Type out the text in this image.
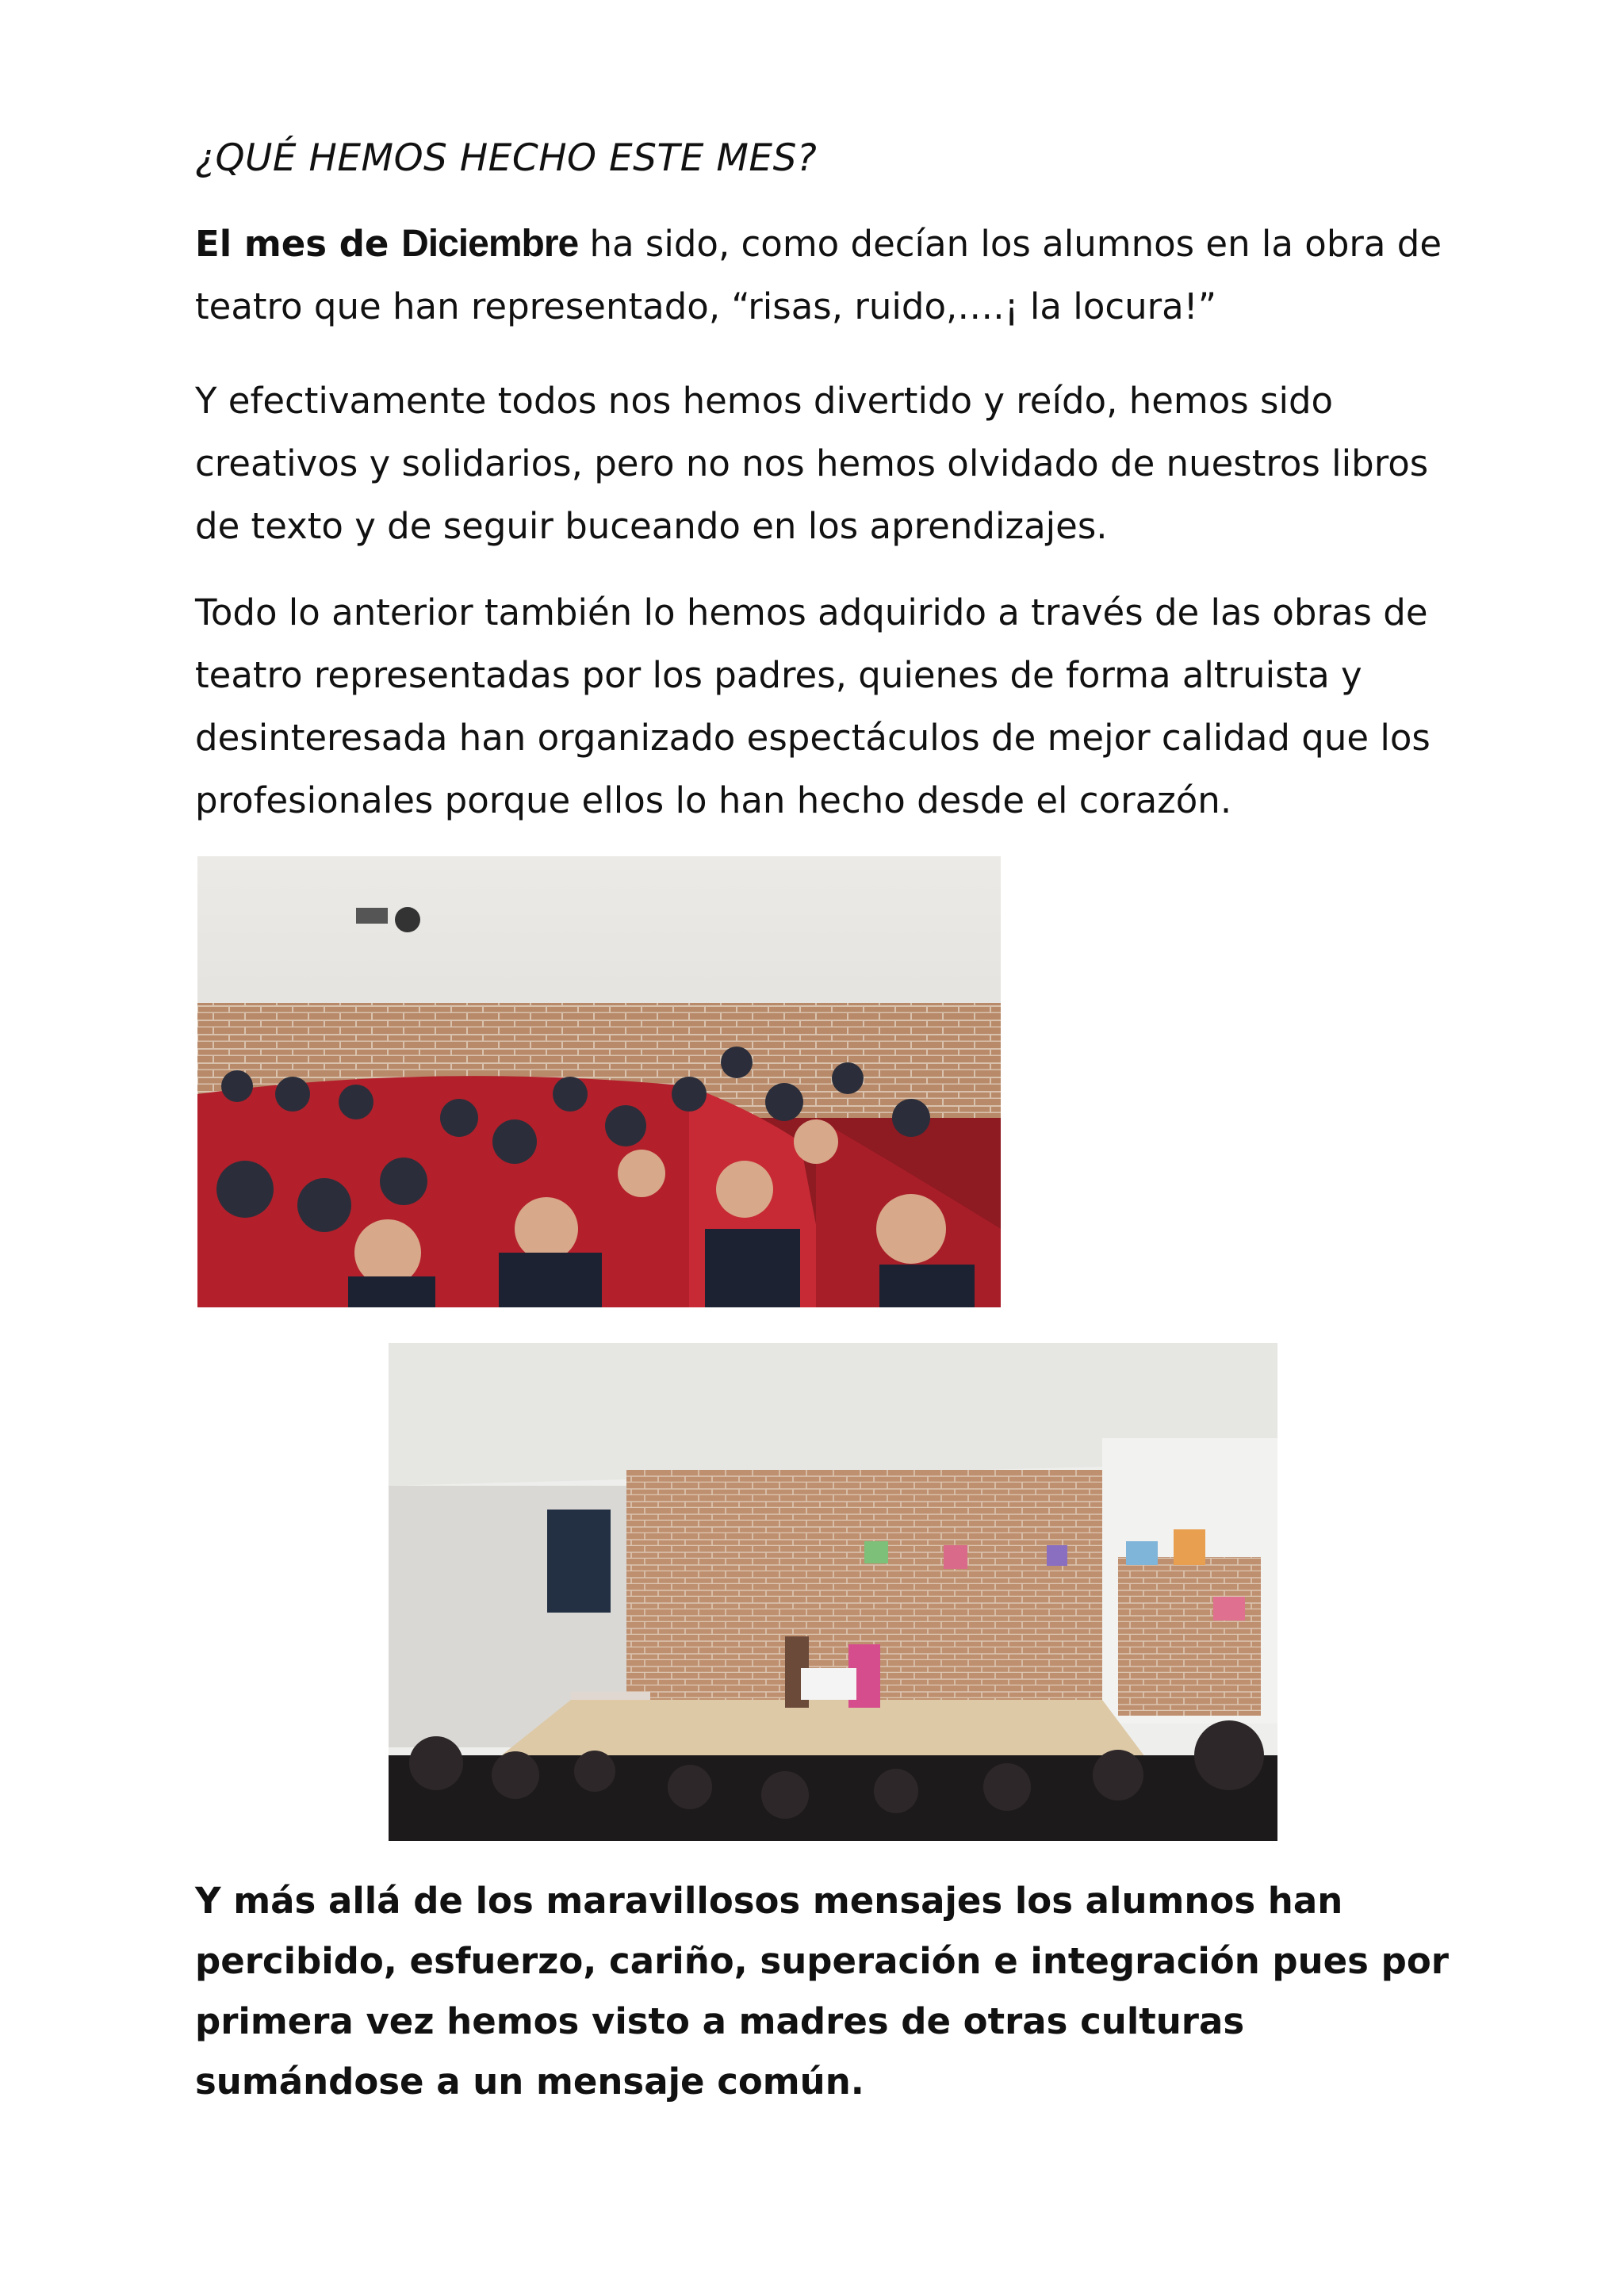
¿QUÉ HEMOS HECHO ESTE MES?
El mes de Diciembre ha sido, como decían los alumnos en la obra de teatro que han representado, “risas, ruido,….¡ la locura!”
Y efectivamente todos nos hemos divertido y reído, hemos sido creativos y solidarios, pero no nos hemos olvidado de nuestros libros de texto y de seguir buceando en los aprendizajes.
Todo lo anterior también lo hemos adquirido a través de las obras de teatro representadas por los padres, quienes de forma altruista y desinteresada han organizado espectáculos de mejor calidad que los profesionales porque ellos lo han hecho desde el corazón.
Y más allá de los maravillosos mensajes los alumnos han percibido, esfuerzo, cariño, superación e integración pues por primera vez hemos visto a madres de otras culturas sumándose a un mensaje común.
